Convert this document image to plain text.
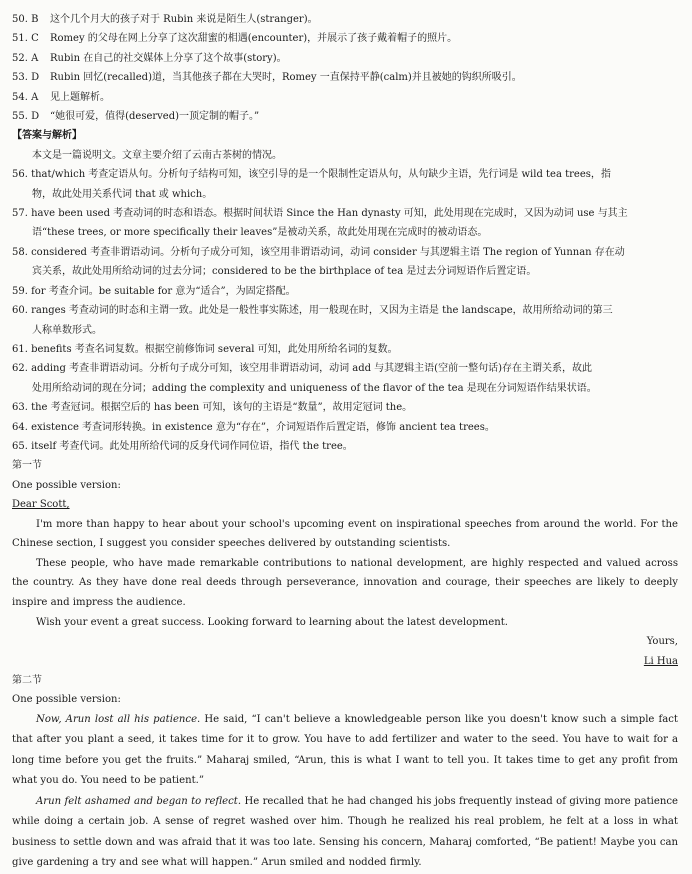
50. B	这个几个月大的孩子对于 Rubin 来说是陌生人(stranger)。
51. C	Romey 的父母在网上分享了这次甜蜜的相遇(encounter)，并展示了孩子戴着帽子的照片。
52. A	Rubin 在自己的社交媒体上分享了这个故事(story)。
53. D	Rubin 回忆(recalled)道，当其他孩子都在大哭时，Romey 一直保持平静(calm)并且被她的钩织所吸引。
54. A	见上题解析。
55. D	“她很可爱，值得(deserved)一顶定制的帽子。”
【答案与解析】
本文是一篇说明文。文章主要介绍了云南古茶树的情况。
56. that/which 考查定语从句。分析句子结构可知，该空引导的是一个限制性定语从句，从句缺少主语，先行词是 wild tea trees，指
物，故此处用关系代词 that 或 which。
57. have been used 考查动词的时态和语态。根据时间状语 Since the Han dynasty 可知，此处用现在完成时，又因为动词 use 与其主
语“these trees, or more specifically their leaves”是被动关系，故此处用现在完成时的被动语态。
58. considered 考查非谓语动词。分析句子成分可知，该空用非谓语动词，动词 consider 与其逻辑主语 The region of Yunnan 存在动
宾关系，故此处用所给动词的过去分词；considered to be the birthplace of tea 是过去分词短语作后置定语。
59. for 考查介词。be suitable for 意为“适合”，为固定搭配。
60. ranges 考查动词的时态和主谓一致。此处是一般性事实陈述，用一般现在时，又因为主语是 the landscape，故用所给动词的第三
人称单数形式。
61. benefits 考查名词复数。根据空前修饰词 several 可知，此处用所给名词的复数。
62. adding 考查非谓语动词。分析句子成分可知，该空用非谓语动词，动词 add 与其逻辑主语(空前一整句话)存在主谓关系，故此
处用所给动词的现在分词；adding the complexity and uniqueness of the flavor of the tea 是现在分词短语作结果状语。
63. the 考查冠词。根据空后的 has been 可知，该句的主语是“数量”，故用定冠词 the。
64. existence 考查词形转换。in existence 意为“存在”，介词短语作后置定语，修饰 ancient tea trees。
65. itself 考查代词。此处用所给代词的反身代词作同位语，指代 the tree。
第一节
One possible version:
Dear Scott,
I'm more than happy to hear about your school's upcoming event on inspirational speeches from around the world. For the Chinese section, I suggest you consider speeches delivered by outstanding scientists.
These people, who have made remarkable contributions to national development, are highly respected and valued across the country. As they have done real deeds through perseverance, innovation and courage, their speeches are likely to deeply inspire and impress the audience.
Wish your event a great success. Looking forward to learning about the latest development.
Yours,
Li Hua
第二节
One possible version:
Now, Arun lost all his patience. He said, “I can't believe a knowledgeable person like you doesn't know such a simple fact that after you plant a seed, it takes time for it to grow. You have to add fertilizer and water to the seed. You have to wait for a long time before you get the fruits.” Maharaj smiled, “Arun, this is what I want to tell you. It takes time to get any profit from what you do. You need to be patient.”
Arun felt ashamed and began to reflect. He recalled that he had changed his jobs frequently instead of giving more patience while doing a certain job. A sense of regret washed over him. Though he realized his real problem, he felt at a loss in what business to settle down and was afraid that it was too late. Sensing his concern, Maharaj comforted, “Be patient! Maybe you can give gardening a try and see what will happen.” Arun smiled and nodded firmly.
